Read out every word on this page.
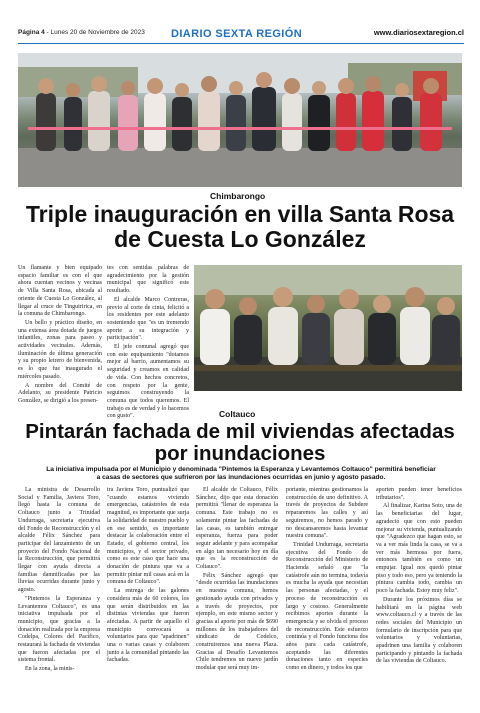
Página 4 - Lunes 20 de Noviembre de 2023 DIARIO SEXTA REGIÓN	www.diariosextaregion.cl
Chimbarongo
Triple inauguración en villa Santa Rosa de Cuesta Lo González

Un flamante y bien equipado espacio familiar es con el que ahora cuentan vecinos y vecinas de Villa Santa Rosa, ubicada al oriente de Cuesta Lo González, al llegar al cruce de Tinguiririca, en la comuna de Chimbarongo.

Un bello y práctico diseño, en una extensa área dotada de juegos infantiles, zonas para paseo y actividades vecinales. Además, iluminación de última generación y su propio letrero de bienvenida, es lo que fue inaugurado el miércoles pasado.

A nombre del Comité de Adelanto, su presidente Patricio González, se dirigió a los presen-

tes con sentidas palabras de agradecimiento por la gestión municipal que significó este resultado.

El alcalde Marco Contreras, previo al corte de cinta, felicitó a los residentes por este adelanto sosteniendo que "es un tremendo aporte a su integración y participación".

El jefe comunal agregó que con este equipamiento "dotamos mejor al barrio, aumentamos su seguridad y creamos en calidad de vida. Con hechos concretos, con respeto por la gente, seguimos construyendo la comuna que todos queremos. El trabajo es de verdad y lo hacemos con gusto".	Coltauco
Pintarán fachada de mil viviendas afectadas por inundaciones
La iniciativa impulsada por el Municipio y denominada "Pintemos la Esperanza y Levantemos Coltauco" permitirá beneficiar a casas de sectores que sufrieron por las inundaciones ocurridas en junio y agosto pasado.

La ministra de Desarrollo Social y Familia, Javiera Toro, llegó hasta la comuna de Coltauco junto a Trinidad Undurraga, secretaria ejecutiva del Fondo de Reconstrucción y el alcalde Félix Sánchez para participar del lanzamiento de un proyecto del Fondo Nacional de la Reconstrucción, que permitirá llegar con ayuda directa a familias damnificadas por las lluvias ocurridas durante junio y agosto.

"Pintemos la Esperanza y Levantemos Coltauco", es una iniciativa impulsada por el municipio, que gracias a la donación realizada por la empresa Codelpa, Colores del Pacífico, restaurará la fachada de viviendas que fueron afectadas por el sistema frontal.

En la zona, la minis-

tra Javiera Toro, puntualizó que "cuando estamos viviendo emergencias, catástrofes de esta magnitud, es importante que surja la solidaridad de nuestro pueblo y en ese sentido, es importante destacar la colaboración entre el Estado, el gobierno central, los municipios, y el sector privado, como es este caso que hace una donación de pintura que va a permitir pintar mil casas acá en la comuna de Coltauco".

La entrega de las galones considera más de 60 colores, los que serán distribuidos en las distintas viviendas que fueron afectadas. A partir de aquello el municipio convocará a voluntarios para que "apadrinen" una o varias casas y colaboren junto a la comunidad pintando las fachadas.

El alcalde de Coltauco, Félix Sánchez, dijo que esta donación permitirá "llenar de esperanza la comuna. Este trabajo no es solamente pintar las fachadas de las casas, es también entregar esperanza, fuerza para poder seguir adelante y para acompañar en algo tan necesario hoy en día que es la reconstrucción de Coltauco".

Félix Sánchez agregó que "desde ocurridas las inundaciones en nuestra comuna, hemos gestionado ayuda con privados y a través de proyectos, por ejemplo, en este mismo sector y gracias al aporte por más de $690 millones de los trabajadores del sindicato de Codelco, construiremos una nueva Plaza. Gracias al Desafío Levantemos Chile tendremos un nuevo jardín modular que será muy im-

portante, mientras gestionamos la construcción de uno definitivo. A través de proyectos de Subdere repararemos las calles y así seguiremos, no hemos parado y no descansaremos hasta levantar nuestra comuna".

Trinidad Undurraga, secretaria ejecutiva del Fondo de Reconstrucción del Ministerio de Hacienda señaló que "la catástrofe aún no termina, todavía es mucha la ayuda que necesitan las personas afectadas, y el proceso de reconstrucción es largo y costoso. Generalmente recibimos aportes durante la emergencia y se olvida el proceso de reconstrucción. Este esfuerzo continúa y el Fondo funciona dos años para cada catástrofe, aceptando las diferentes donaciones tanto en especies como en dinero, y todos los que

aporten pueden tener beneficios tributarios".

Al finalizar, Karina Soto, una de las beneficiarias del lugar, agradeció que con esto pueden mejorar su vivienda, puntualizando que "Agradezco que hagan esto, se va a ver más linda la casa, se va a ver más hermosa por fuera, entonces también es como un empujar. Igual nos quedó pintar piso y todo eso, pero ya teniendo la pintura cambia todo, cambia un poco la fachada. Estoy muy feliz".

Durante los próximos días se habilitará en la página web www.coltauco.cl y a través de las redes sociales del Municipio un formulario de inscripción para que voluntarios y voluntarias, apadrinen una familia y colaboren participando y pintando la fachada de las viviendas de Coltauco.
